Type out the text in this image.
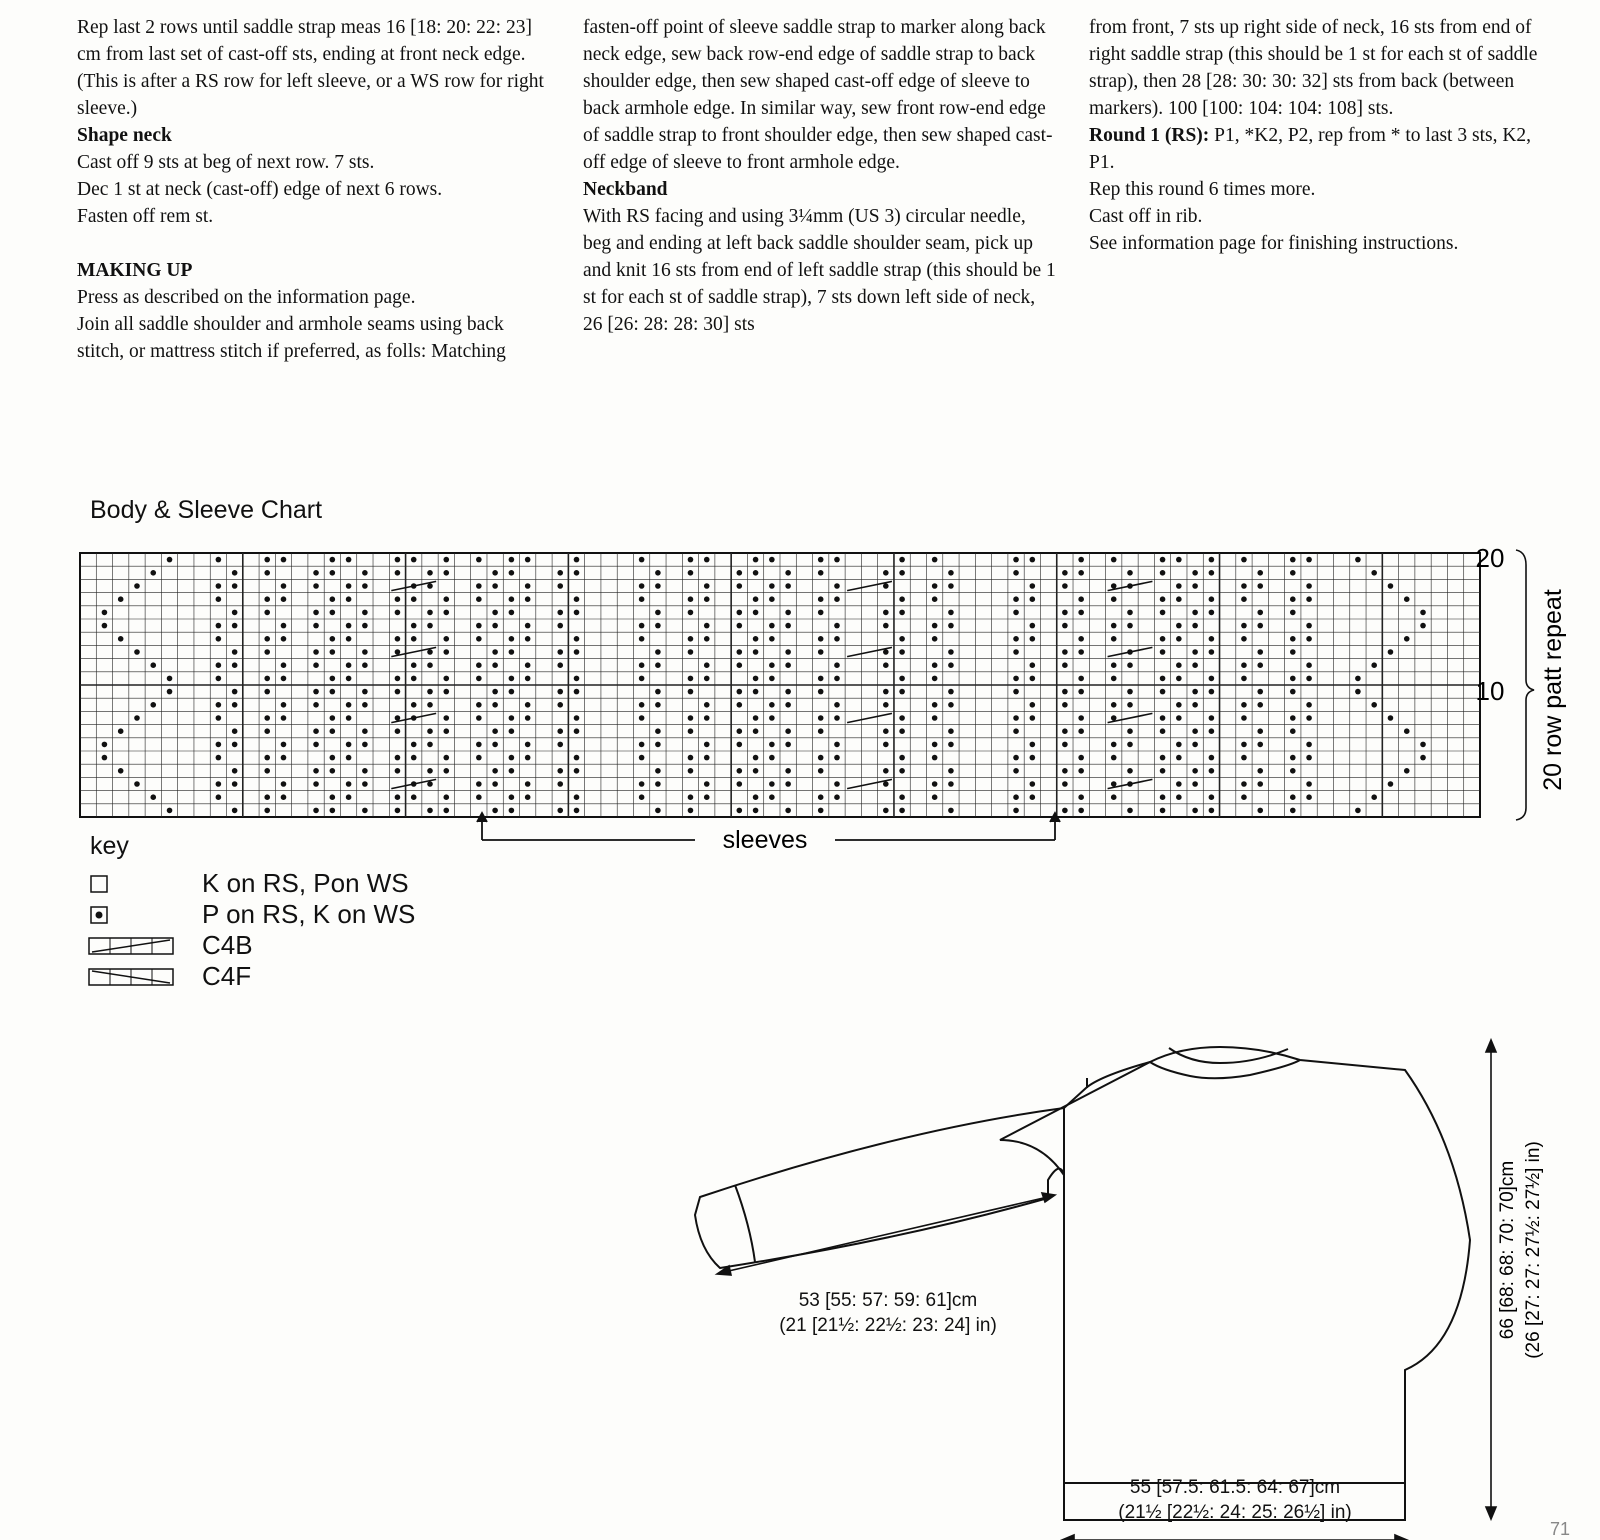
Rep last 2 rows until saddle strap meas 16 [18: 20: 22: 23] cm from last set of cast-off sts, ending at front neck edge. (This is after a RS row for left sleeve, or a WS row for right sleeve.)

Shape neck

Cast off 9 sts at beg of next row. 7 sts.

Dec 1 st at neck (cast-off) edge of next 6 rows.

Fasten off rem st.

MAKING UP

Press as described on the information page.

Join all saddle shoulder and armhole seams using back stitch, or mattress stitch if preferred, as folls: Matching

fasten-off point of sleeve saddle strap to marker along back neck edge, sew back row-end edge of saddle strap to back shoulder edge, then sew shaped cast-off edge of sleeve to back armhole edge. In similar way, sew front row-end edge of saddle strap to front shoulder edge, then sew shaped cast-off edge of sleeve to front armhole edge.

Neckband

With RS facing and using 3¼mm (US 3) circular needle, beg and ending at left back saddle shoulder seam, pick up and knit 16 sts from end of left saddle strap (this should be 1 st for each st of saddle strap), 7 sts down left side of neck, 26 [26: 28: 28: 30] sts

from front, 7 sts up right side of neck, 16 sts from end of right saddle strap (this should be 1 st for each st of saddle strap), then 28 [28: 30: 30: 32] sts from back (between markers). 100 [100: 104: 104: 108] sts.

Round 1 (RS): P1, *K2, P2, rep from * to last 3 sts, K2, P1.

Rep this round 6 times more.

Cast off in rib.

See information page for finishing instructions.

Body & Sleeve Chart
sleeves
20
10 20 row patt repeat
66 [68: 68: 70: 70]cm (26 [27: 27: 27½: 27½] in)
key
K on RS, Pon WS
P on RS, K on WS
C4B
C4F
53 [55: 57: 59: 61]cm
(21 [21½: 22½: 23: 24] in)
55 [57.5: 61.5: 64: 67]cm
(21½ [22½: 24: 25: 26½] in)
71
